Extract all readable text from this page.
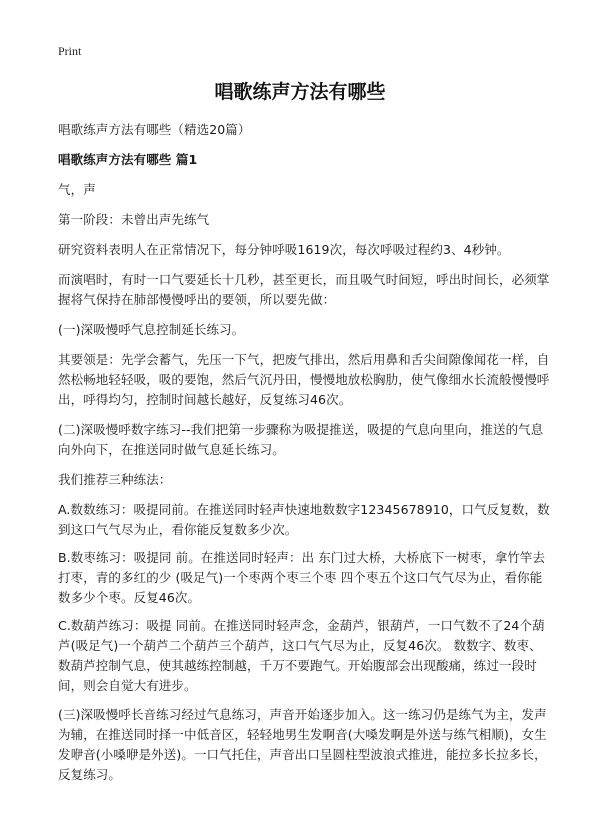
Print
唱歌练声方法有哪些
唱歌练声方法有哪些（精选20篇）
唱歌练声方法有哪些 篇1
气，声
第一阶段：未曾出声先练气
研究资料表明人在正常情况下，每分钟呼吸1619次，每次呼吸过程约3、4秒钟。
而演唱时，有时一口气要延长十几秒，甚至更长，而且吸气时间短，呼出时间长，必须掌握将气保持在肺部慢慢呼出的要领，所以要先做：
(一)深吸慢呼气息控制延长练习。
其要领是：先学会蓄气，先压一下气，把废气排出，然后用鼻和舌尖间隙像闻花一样，自然松畅地轻轻吸，吸的要饱，然后气沉丹田，慢慢地放松胸肋，使气像细水长流般慢慢呼出，呼得均匀，控制时间越长越好，反复练习46次。
(二)深吸慢呼数字练习--我们把第一步骤称为吸提推送，吸提的气息向里向，推送的气息向外向下，在推送同时做气息延长练习。
我们推荐三种练法：
A.数数练习：吸提同前。在推送同时轻声快速地数数字12345678910，口气反复数，数到这口气气尽为止，看你能反复数多少次。
B.数枣练习：吸提同 前。在推送同时轻声：出 东门过大桥，大桥底下一树枣，拿竹竿去打枣，青的多红的少 (吸足气)一个枣两个枣三个枣 四个枣五个这口气气尽为止，看你能数多少个枣。反复46次。
C.数葫芦练习：吸提 同前。在推送同时轻声念，金葫芦，银葫芦，一口气数不了24个葫芦(吸足气)一个葫芦二个葫芦三个葫芦，这口气气尽为止，反复46次。 数数字、数枣、数葫芦控制气息，使其越练控制越，千万不要跑气。开始腹部会出现酸痛，练过一段时间，则会自觉大有进步。
(三)深吸慢呼长音练习经过气息练习，声音开始逐步加入。这一练习仍是练气为主，发声为辅，在推送同时择一中低音区，轻轻地男生发啊音(大嗓发啊是外送与练气相顺)，女生发咿音(小嗓咿是外送)。一口气托住，声音出口呈圆柱型波浪式推进，能拉多长拉多长，反复练习。
